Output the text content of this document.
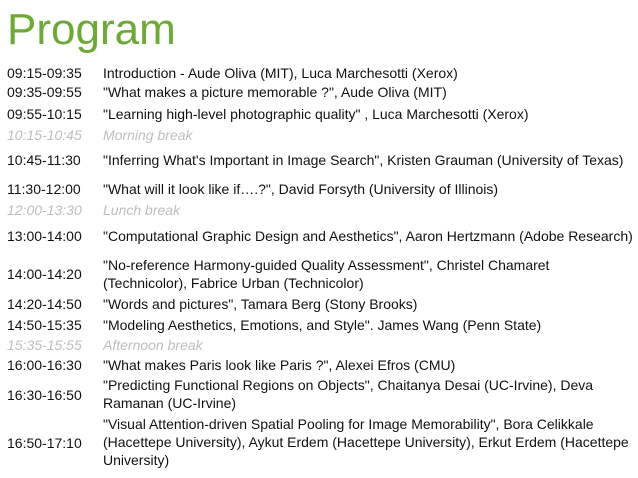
Program
09:15-09:35 Introduction - Aude Oliva (MIT), Luca Marchesotti (Xerox)
09:35-09:55 "What makes a picture memorable ?", Aude Oliva (MIT)
09:55-10:15 "Learning high-level photographic quality" , Luca Marchesotti (Xerox)
10:15-10:45 Morning break
10:45-11:30 "Inferring What's Important in Image Search", Kristen Grauman (University of Texas)
11:30-12:00 "What will it look like if….?", David Forsyth (University of Illinois)
12:00-13:30 Lunch break
13:00-14:00 "Computational Graphic Design and Aesthetics", Aaron Hertzmann (Adobe Research)
14:00-14:20
"No-reference Harmony-guided Quality Assessment", Christel Chamaret (Technicolor), Fabrice Urban (Technicolor)
14:20-14:50 "Words and pictures", Tamara Berg (Stony Brooks)
14:50-15:35 "Modeling Aesthetics, Emotions, and Style". James Wang (Penn State)
15:35-15:55 Afternoon break
16:00-16:30 "What makes Paris look like Paris ?", Alexei Efros (CMU)
16:30-16:50
"Predicting Functional Regions on Objects", Chaitanya Desai (UC-Irvine), Deva Ramanan (UC-Irvine)
16:50-17:10
"Visual Attention-driven Spatial Pooling for Image Memorability", Bora Celikkale (Hacettepe University), Aykut Erdem (Hacettepe University), Erkut Erdem (Hacettepe University)
